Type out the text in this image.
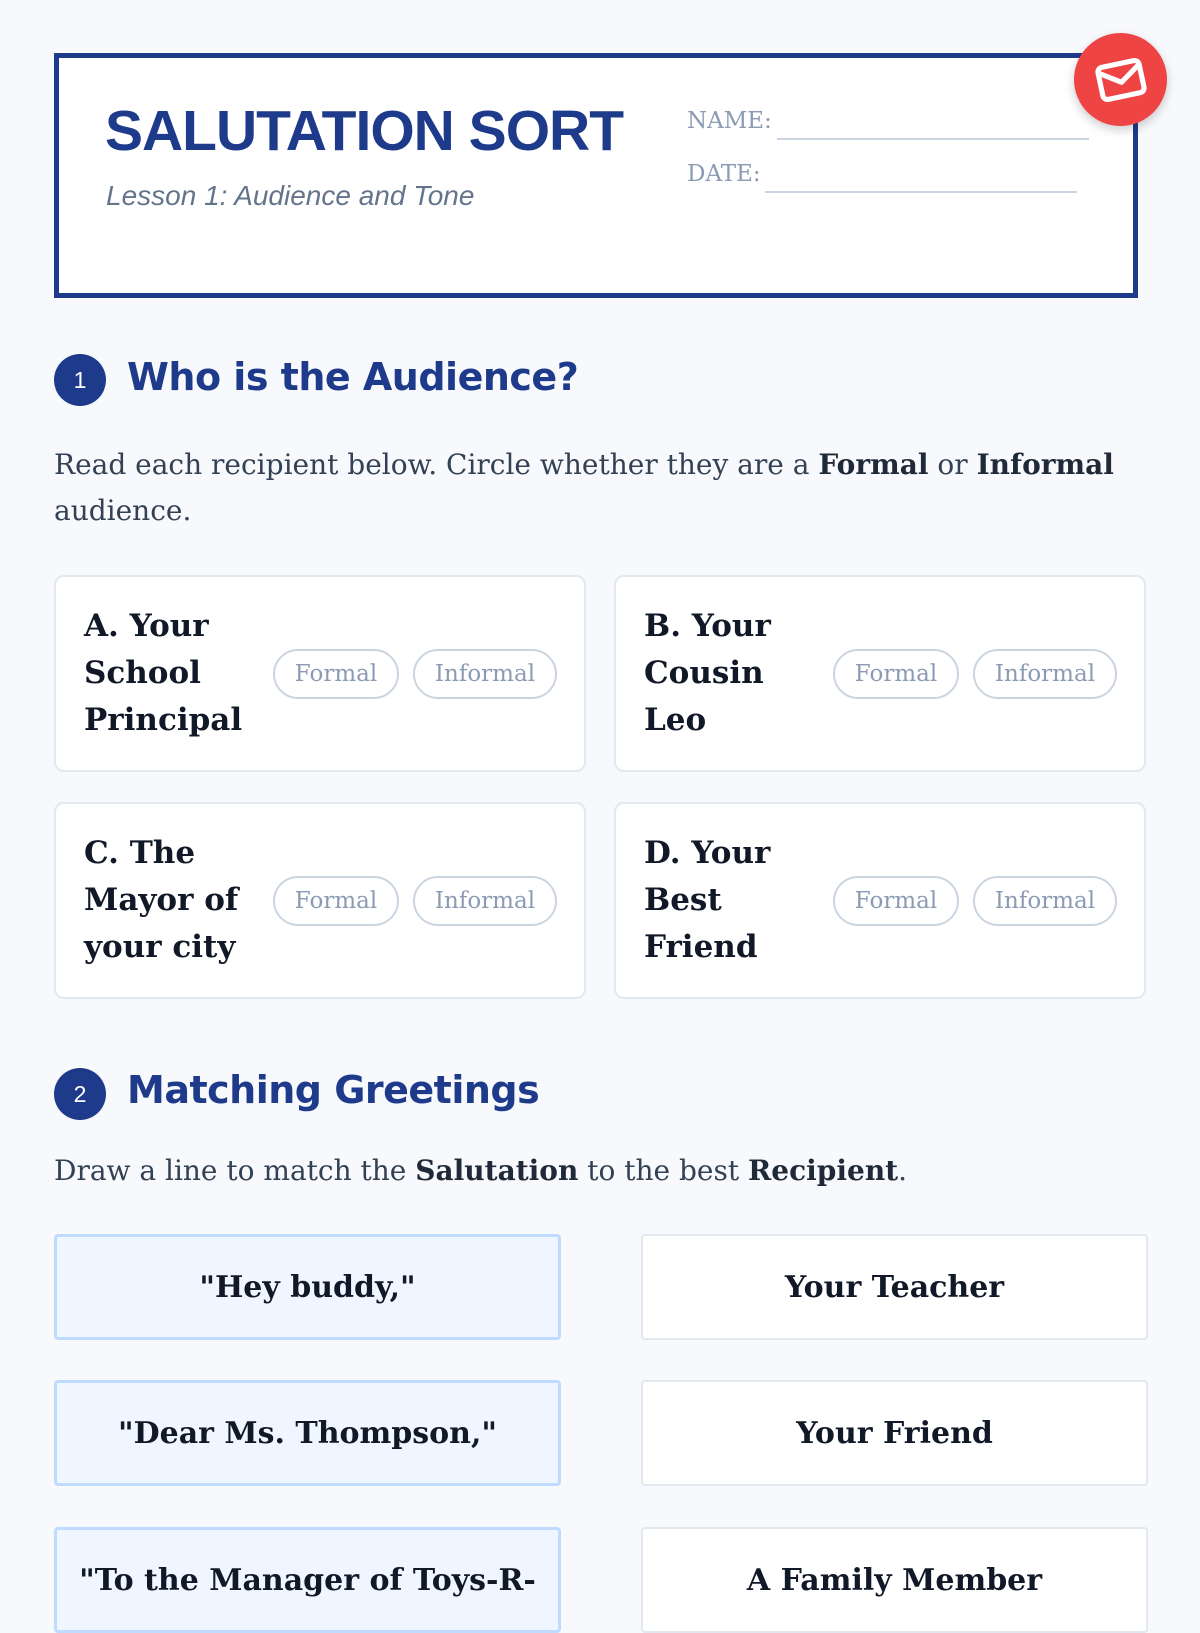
SALUTATION SORT
Lesson 1: Audience and Tone
NAME:
DATE:
1	Who is the Audience?
Read each recipient below. Circle whether they are a Formal or Informal audience.
A. Your School Principal
Formal	Informal
B. Your Cousin Leo
Formal	Informal
C. The Mayor of your city
Formal	Informal
D. Your Best Friend
Formal	Informal
2	Matching Greetings
Draw a line to match the Salutation to the best Recipient.
"Hey buddy,"	Your Teacher
"Dear Ms. Thompson,"	Your Friend
"To the Manager of Toys-R-	A Family Member
